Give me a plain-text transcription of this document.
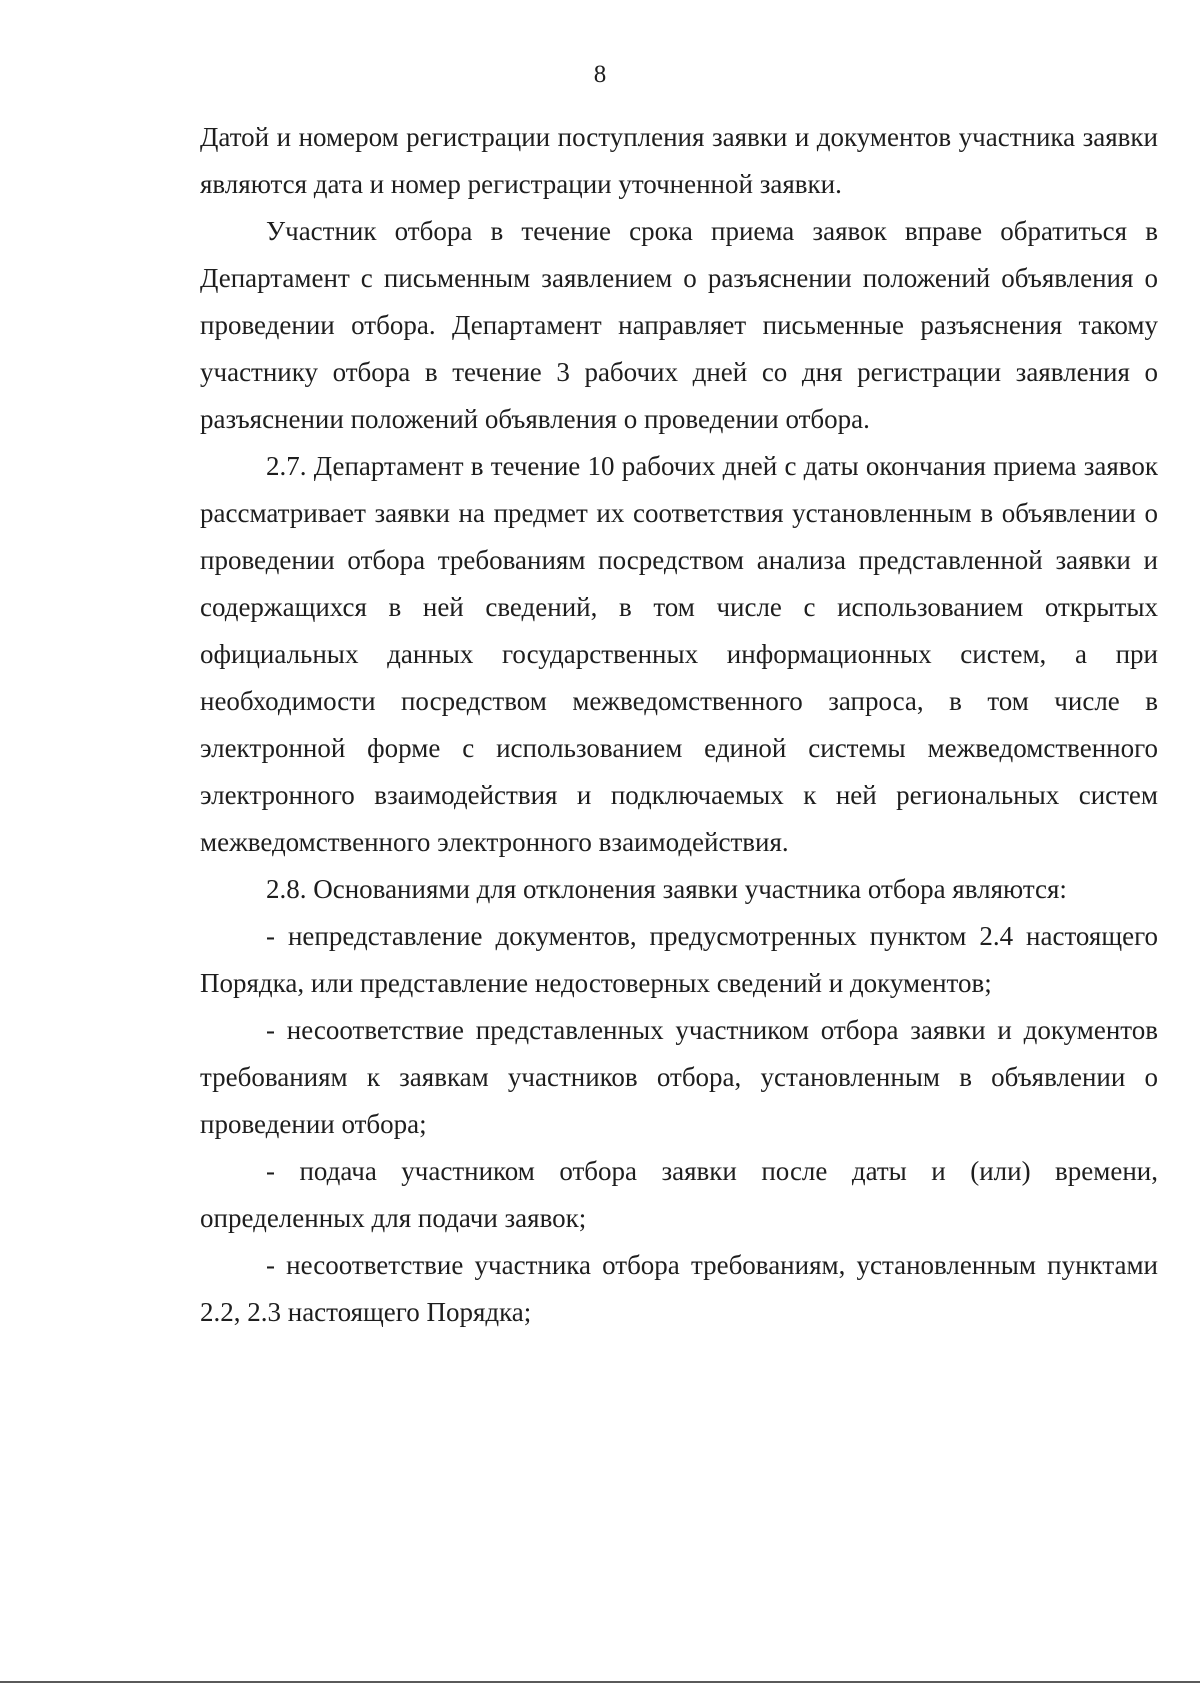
8

Датой и номером регистрации поступления заявки и документов участника заявки являются дата и номер регистрации уточненной заявки.

Участник отбора в течение срока приема заявок вправе обратиться в Департамент с письменным заявлением о разъяснении положений объявления о проведении отбора. Департамент направляет письменные разъяснения такому участнику отбора в течение 3 рабочих дней со дня регистрации заявления о разъяснении положений объявления о проведении отбора.

2.7. Департамент в течение 10 рабочих дней с даты окончания приема заявок рассматривает заявки на предмет их соответствия установленным в объявлении о проведении отбора требованиям посредством анализа представленной заявки и содержащихся в ней сведений, в том числе с использованием открытых официальных данных государственных информационных систем, а при необходимости посредством межведомственного запроса, в том числе в электронной форме с использованием единой системы межведомственного электронного взаимодействия и подключаемых к ней региональных систем межведомственного электронного взаимодействия.

2.8. Основаниями для отклонения заявки участника отбора являются:

- непредставление документов, предусмотренных пунктом 2.4 настоящего Порядка, или представление недостоверных сведений и документов;

- несоответствие представленных участником отбора заявки и документов требованиям к заявкам участников отбора, установленным в объявлении о проведении отбора;

- подача участником отбора заявки после даты и (или) времени, определенных для подачи заявок;

- несоответствие участника отбора требованиям, установленным пунктами 2.2, 2.3 настоящего Порядка;
